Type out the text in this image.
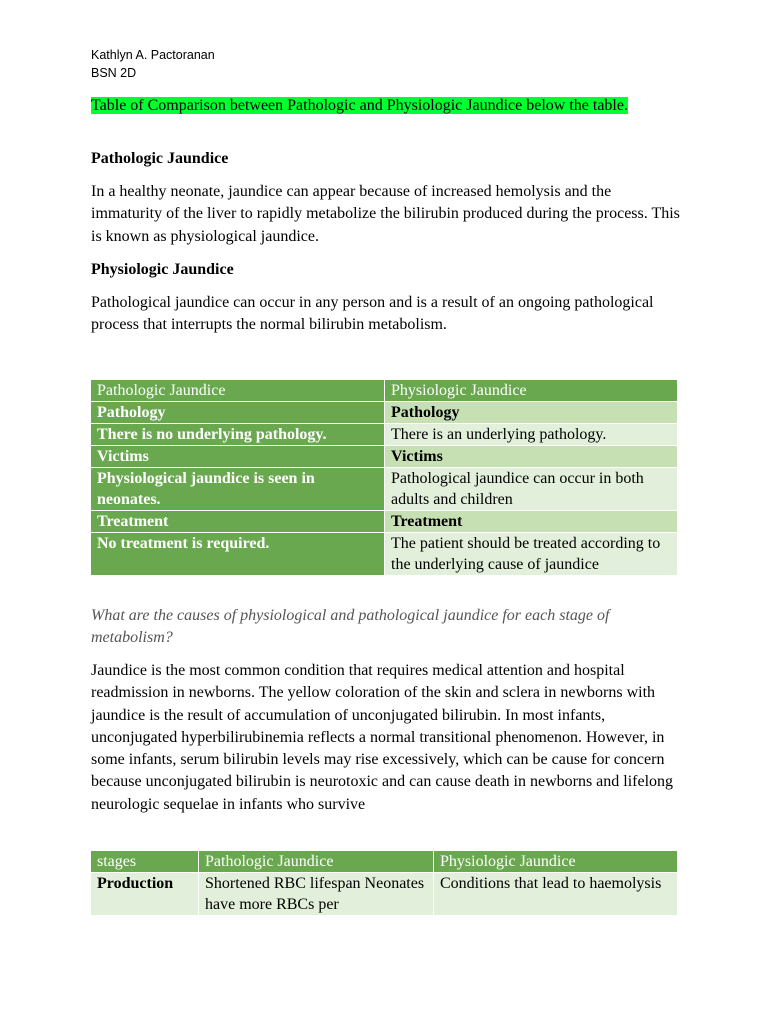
Kathlyn A. Pactoranan
BSN 2D
Table of Comparison between Pathologic and Physiologic Jaundice below the table.
Pathologic Jaundice
In a healthy neonate, jaundice can appear because of increased hemolysis and the immaturity of the liver to rapidly metabolize the bilirubin produced during the process. This is known as physiological jaundice.
Physiologic Jaundice
Pathological jaundice can occur in any person and is a result of an ongoing pathological process that interrupts the normal bilirubin metabolism.
Pathologic Jaundice	Physiologic Jaundice
Pathology	Pathology
There is no underlying pathology.	There is an underlying pathology.
Victims	Victims
Physiological jaundice is seen in neonates.	Pathological jaundice can occur in both adults and children
Treatment	Treatment
No treatment is required.	The patient should be treated according to the underlying cause of jaundice
What are the causes of physiological and pathological jaundice for each stage of metabolism?
Jaundice is the most common condition that requires medical attention and hospital readmission in newborns. The yellow coloration of the skin and sclera in newborns with jaundice is the result of accumulation of unconjugated bilirubin. In most infants, unconjugated hyperbilirubinemia reflects a normal transitional phenomenon. However, in some infants, serum bilirubin levels may rise excessively, which can be cause for concern because unconjugated bilirubin is neurotoxic and can cause death in newborns and lifelong neurologic sequelae in infants who survive
stages	Pathologic Jaundice	Physiologic Jaundice
Production	Shortened RBC lifespan Neonates have more RBCs per	Conditions that lead to haemolysis
